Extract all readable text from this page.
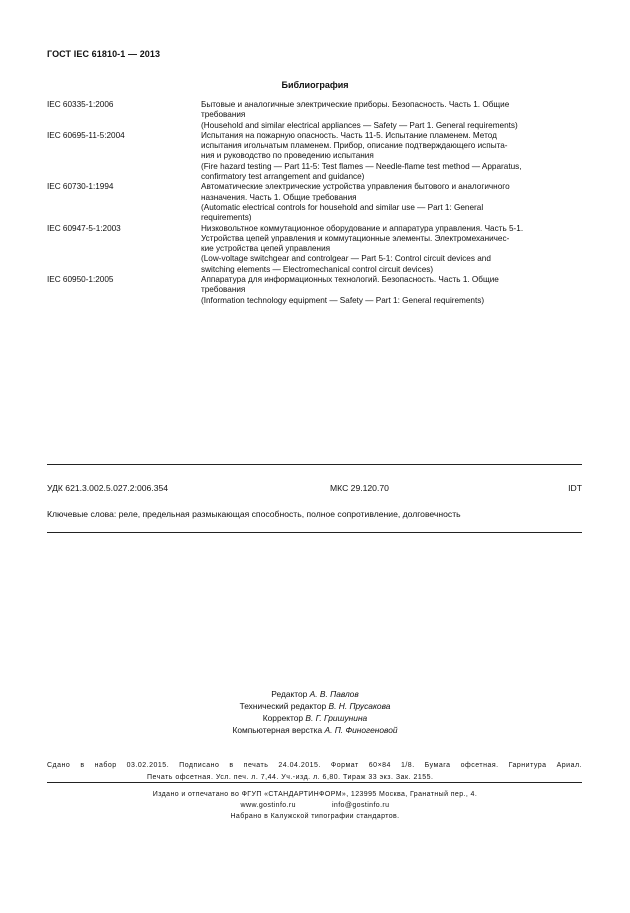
ГОСТ IEC 61810-1 — 2013
Библиография
IEC 60335-1:2006	Бытовые и аналогичные электрические приборы. Безопасность. Часть 1. Общие
требования
(Household and similar electrical appliances — Safety — Part 1. General requirements)
IEC 60695-11-5:2004	Испытания на пожарную опасность. Часть 11-5. Испытание пламенем. Метод
испытания игольчатым пламенем. Прибор, описание подтверждающего испыта-
ния и руководство по проведению испытания
(Fire hazard testing — Part 11-5: Test flames — Needle-flame test method — Apparatus,
confirmatory test arrangement and guidance)
IEC 60730-1:1994	Автоматические электрические устройства управления бытового и аналогичного
назначения. Часть 1. Общие требования
(Automatic electrical controls for household and similar use — Part 1: General
requirements)
IEC 60947-5-1:2003	Низковольтное коммутационное оборудование и аппаратура управления. Часть 5-1.
Устройства цепей управления и коммутационные элементы. Электромеханичес-
кие устройства цепей управления
(Low-voltage switchgear and controlgear — Part 5-1: Control circuit devices and
switching elements — Electromechanical control circuit devices)
IEC 60950-1:2005	Аппаратура для информационных технологий. Безопасность. Часть 1. Общие
требования
(Information technology equipment — Safety — Part 1: General requirements)
УДК 621.3.002.5.027.2:006.354	МКС 29.120.70	IDT
Ключевые слова: реле, предельная размыкающая способность, полное сопротивление, долговечность
Редактор А. В. Павлов
Технический редактор В. Н. Прусакова
Корректор В. Г. Гришунина
Компьютерная верстка А. П. Финогеновой
Сдано в набор 03.02.2015. Подписано в печать 24.04.2015. Формат 60×84 1/8. Бумага офсетная. Гарнитура Ариал.
Печать офсетная. Усл. печ. л. 7,44. Уч.-изд. л. 6,80. Тираж 33 экз. Зак. 2155.
Издано и отпечатано во ФГУП «СТАНДАРТИНФОРМ», 123995 Москва, Гранатный пер., 4.
www.gostinfo.ru	info@gostinfo.ru
Набрано в Калужской типографии стандартов.
